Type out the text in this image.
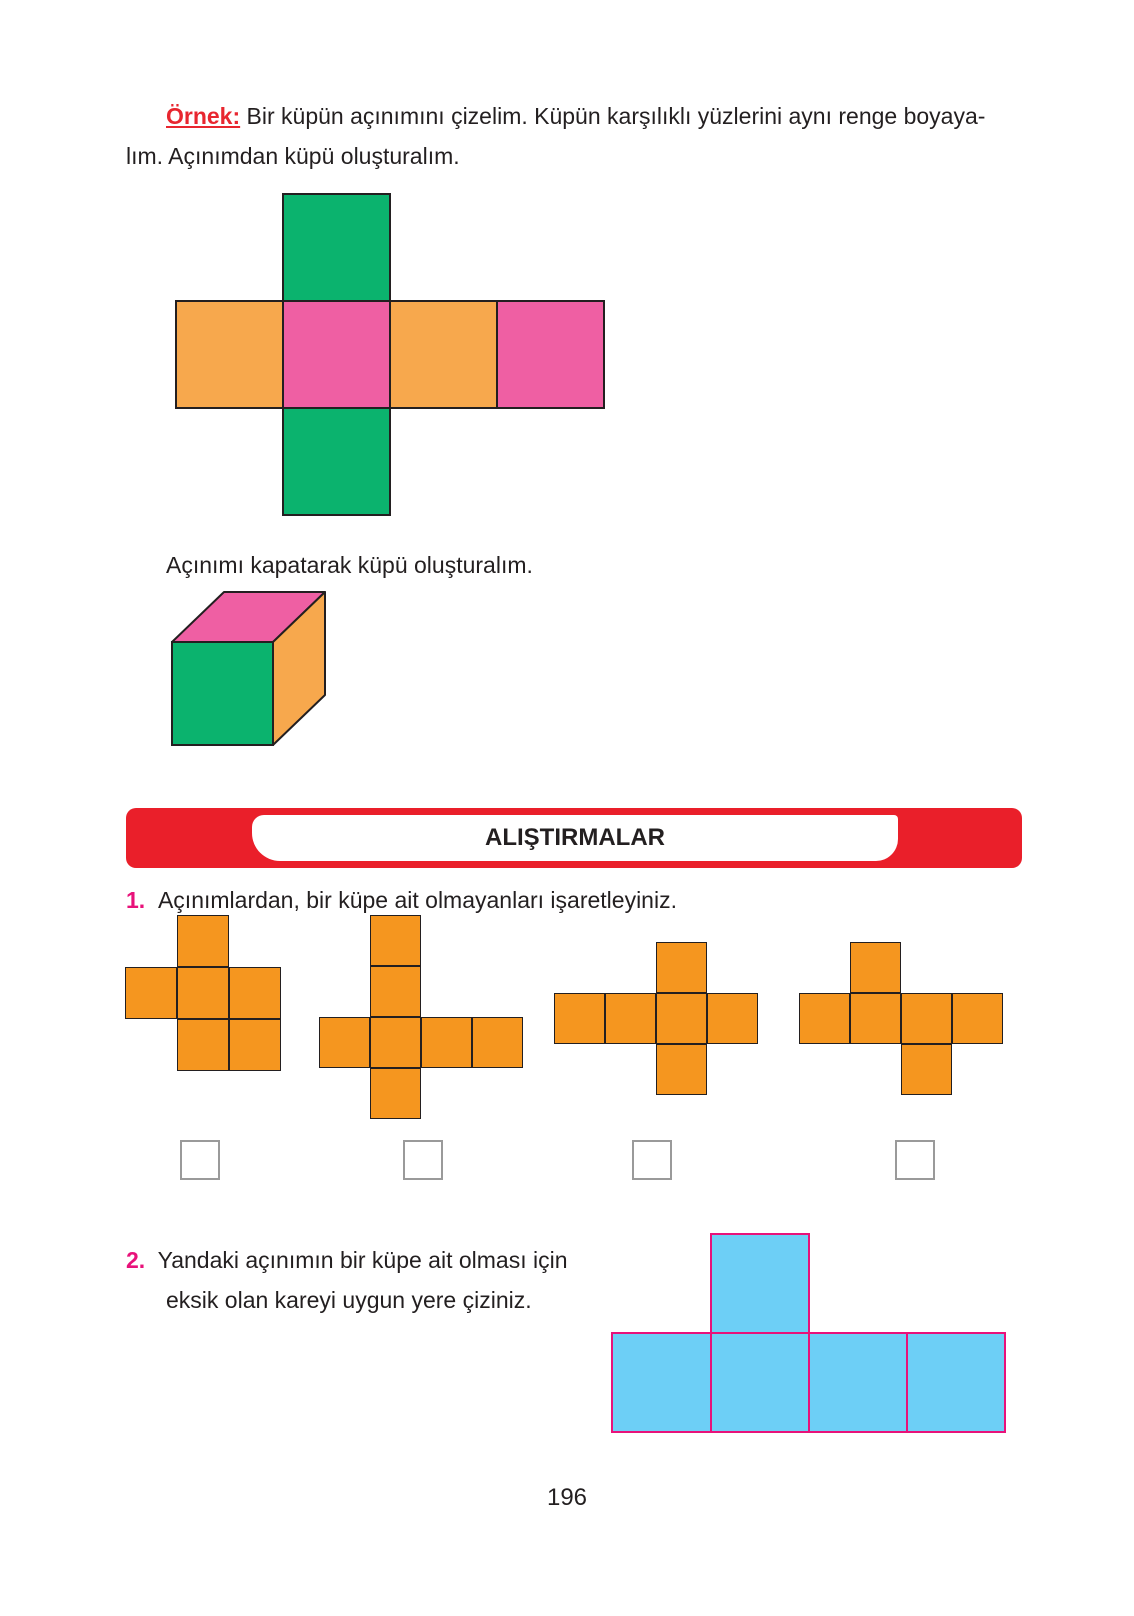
Örnek: Bir küpün açınımını çizelim. Küpün karşılıklı yüzlerini aynı renge boyaya-
lım. Açınımdan küpü oluşturalım.
Açınımı kapatarak küpü oluşturalım.
ALIŞTIRMALAR
1. Açınımlardan, bir küpe ait olmayanları işaretleyiniz.
2. Yandaki açınımın bir küpe ait olması için
eksik olan kareyi uygun yere çiziniz.
196
